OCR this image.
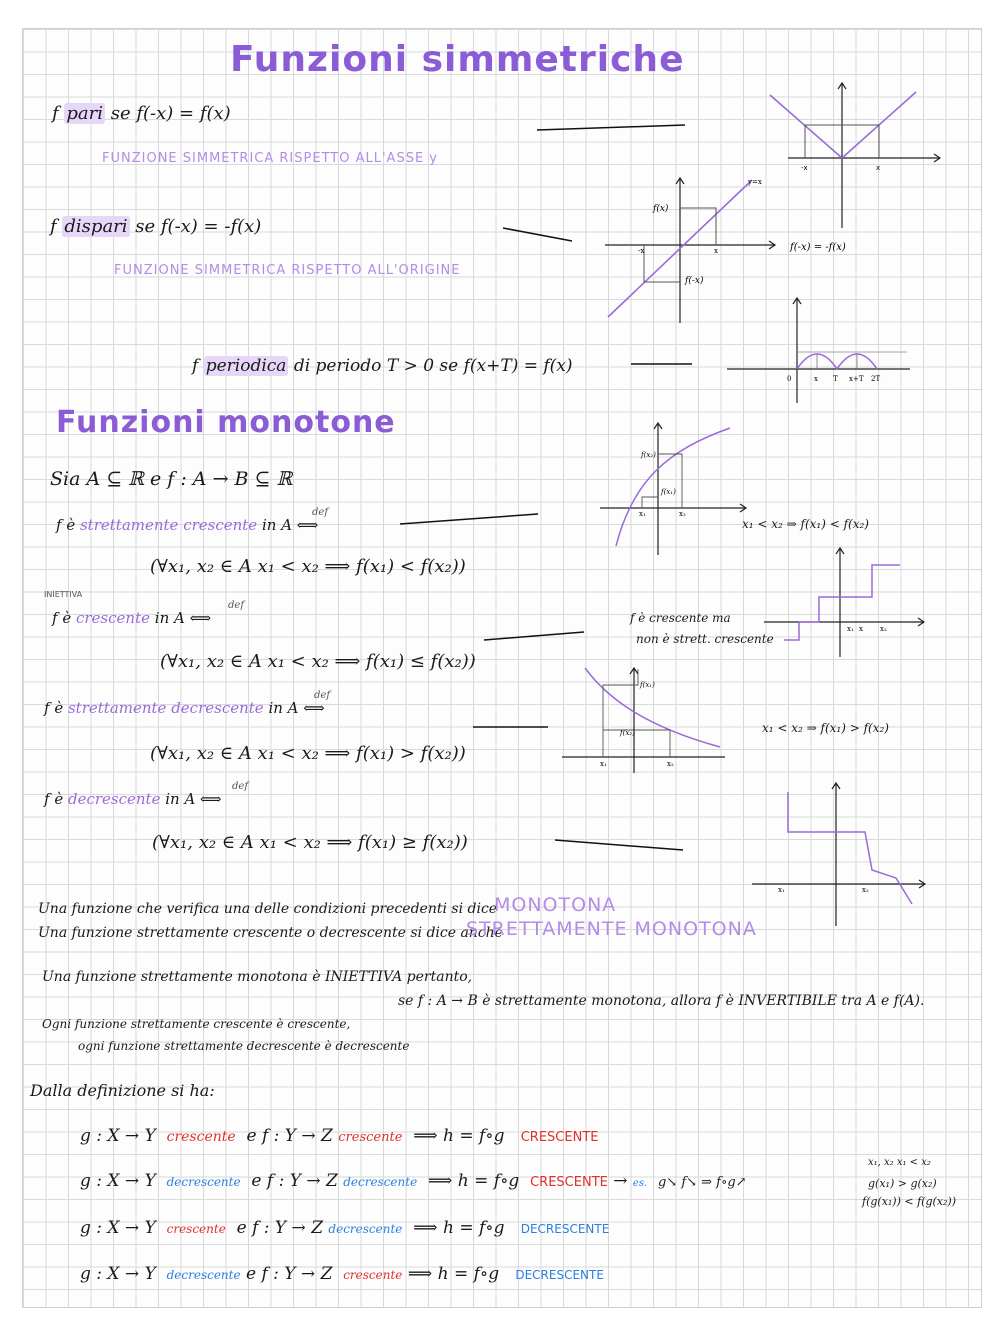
Funzioni simmetriche
f pari se f(-x) = f(x)
FUNZIONE SIMMETRICA RISPETTO ALL'ASSE y
f dispari se f(-x) = -f(x)
FUNZIONE SIMMETRICA RISPETTO ALL'ORIGINE
f periodica di periodo T > 0 se f(x+T) = f(x)
-x	x
f(x)
f(-x)
y=x
-x	x	f(-x) = -f(x)
0	x T x+T 2T
Funzioni monotone
Sia A ⊆ ℝ e f : A → B ⊆ ℝ
f è strettamente crescente in A ⟺
def
(∀x₁, x₂ ∈ A x₁ < x₂ ⟹ f(x₁) < f(x₂))
x₁ < x₂ ⇒ f(x₁) < f(x₂)
f(x₂)
f(x₁)
x₁	x₂
INIETTIVA
f è crescente in A ⟺
def
(∀x₁, x₂ ∈ A x₁ < x₂ ⟹ f(x₁) ≤ f(x₂))
f è crescente ma
non è strett. crescente
x₁ x x₂
f è strettamente decrescente in A ⟺
def
(∀x₁, x₂ ∈ A x₁ < x₂ ⟹ f(x₁) > f(x₂))
x₁ < x₂ ⇒ f(x₁) > f(x₂)
f(x₁)
f(x₂)
x₁	x₂
f è decrescente in A ⟺
def
(∀x₁, x₂ ∈ A x₁ < x₂ ⟹ f(x₁) ≥ f(x₂))
x₁	x₂
Una funzione che verifica una delle condizioni precedenti si dice
MONOTONA
Una funzione strettamente crescente o decrescente si dice anche
STRETTAMENTE MONOTONA
Una funzione strettamente monotona è INIETTIVA pertanto,
se f : A → B è strettamente monotona, allora f è INVERTIBILE tra A e f(A).
Ogni funzione strettamente crescente è crescente,
ogni funzione strettamente decrescente è decrescente
Dalla definizione si ha:
g : X → Y crescente e f : Y → Z crescente ⟹ h = f∘g CRESCENTE
g : X → Y decrescente e f : Y → Z decrescente ⟹ h = f∘g CRESCENTE → es. g↘ f↘ ⇒ f∘g↗
g : X → Y crescente e f : Y → Z decrescente ⟹ h = f∘g DECRESCENTE
g : X → Y decrescente e f : Y → Z crescente ⟹ h = f∘g DECRESCENTE
x₁, x₂ x₁ < x₂
g(x₁) > g(x₂)
f(g(x₁)) < f(g(x₂))
